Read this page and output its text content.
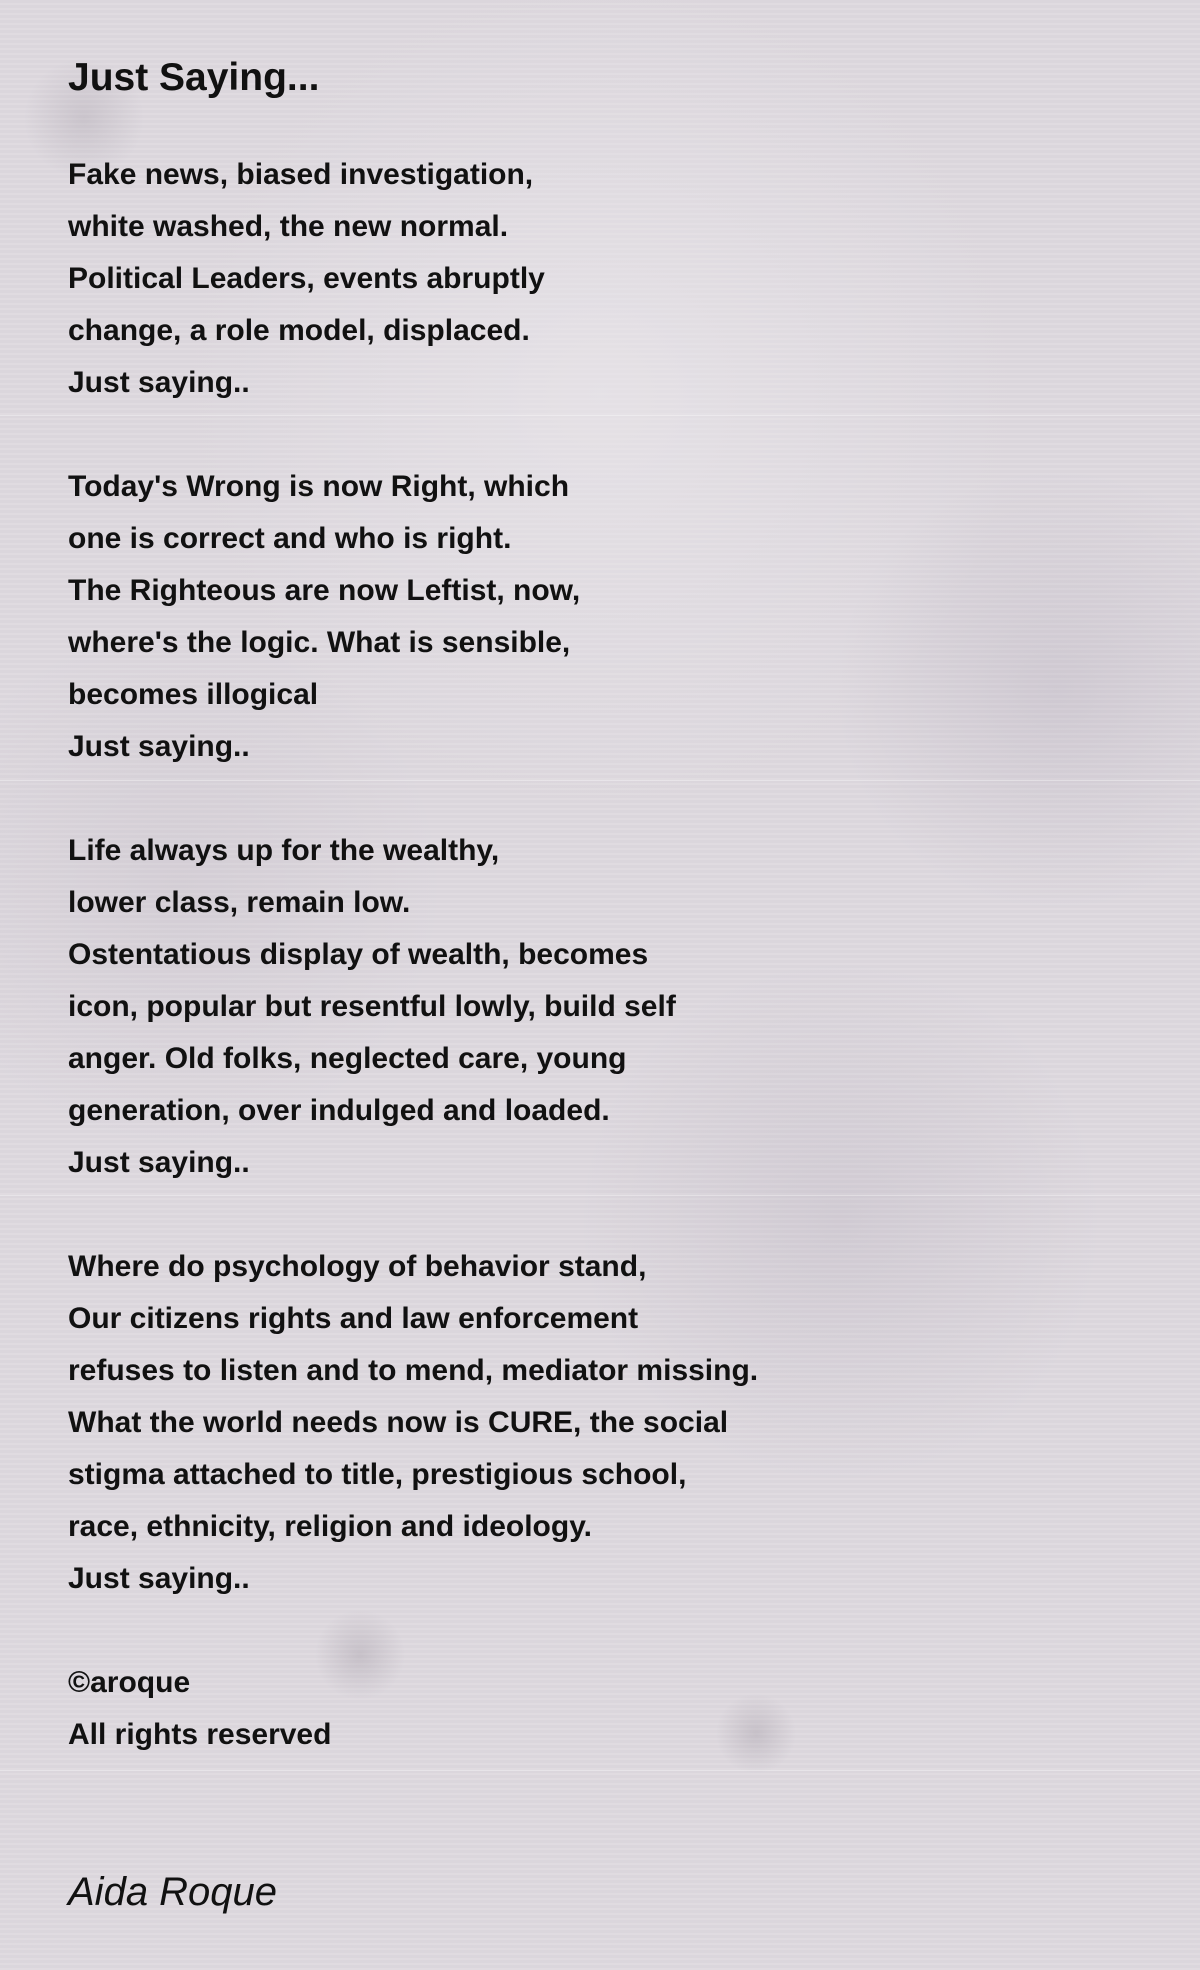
Just Saying...
Fake news, biased investigation,
white washed, the new normal.
Political Leaders, events abruptly
change, a role model, displaced.
Just saying..
Today's Wrong is now Right, which
one is correct and who is right.
The Righteous are now Leftist, now,
where's the logic. What is sensible,
becomes illogical
Just saying..
Life always up for the wealthy,
lower class, remain low.
Ostentatious display of wealth, becomes
icon, popular but resentful lowly, build self
anger. Old folks, neglected care, young
generation, over indulged and loaded.
Just saying..
Where do psychology of behavior stand,
Our citizens rights and law enforcement
refuses to listen and to mend, mediator missing.
What the world needs now is CURE, the social
stigma attached to title, prestigious school,
race, ethnicity, religion and ideology.
Just saying..
©aroque
All rights reserved

Aida Roque
